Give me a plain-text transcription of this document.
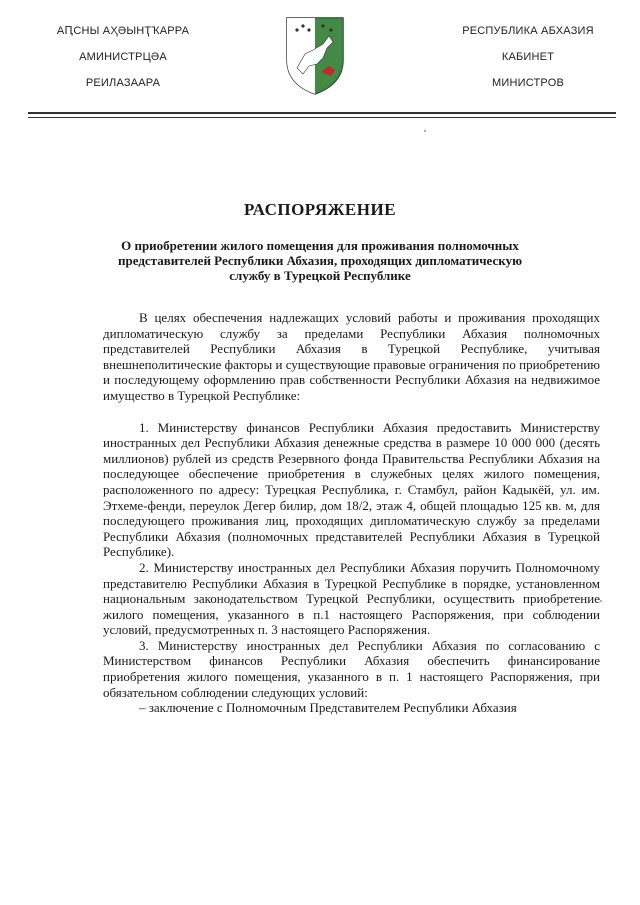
АԤСНЫ АҲӘЫНҬҠАРРА
АМИНИСТРЦӘА
РЕИЛАЗААРА
РЕСПУБЛИКА АБХАЗИЯ
КАБИНЕТ
МИНИСТРОВ
РАСПОРЯЖЕНИЕ

О приобретении жилого помещения для проживания полномочных представителей Республики Абхазия, проходящих дипломатическую службу в Турецкой Республике

В целях обеспечения надлежащих условий работы и проживания проходящих дипломатическую службу за пределами Республики Абхазия полномочных представителей Республики Абхазия в Турецкой Республике, учитывая внешнеполитические факторы и существующие правовые ограничения по приобретению и последующему оформлению прав собственности Республики Абхазия на недвижимое имущество в Турецкой Республике:

1. Министерству финансов Республики Абхазия предоставить Министерству иностранных дел Республики Абхазия денежные средства в размере 10 000 000 (десять миллионов) рублей из средств Резервного фонда Правительства Республики Абхазия на последующее обеспечение приобретения в служебных целях жилого помещения, расположенного по адресу: Турецкая Республика, г. Стамбул, район Кадыкёй, ул. им. Этхеме-фенди, переулок Дегер билир, дом 18/2, этаж 4, общей площадью 125 кв. м, для последующего проживания лиц, проходящих дипломатическую службу за пределами Республики Абхазия (полномочных представителей Республики Абхазия в Турецкой Республике).

2. Министерству иностранных дел Республики Абхазия поручить Полномочному представителю Республики Абхазия в Турецкой Республике в порядке, установленном национальным законодательством Турецкой Республики, осуществить приобретение жилого помещения, указанного в п.1 настоящего Распоряжения, при соблюдении условий, предусмотренных п. 3 настоящего Распоряжения.

3. Министерству иностранных дел Республики Абхазия по согласованию с Министерством финансов Республики Абхазия обеспечить финансирование приобретения жилого помещения, указанного в п. 1 настоящего Распоряжения, при обязательном соблюдении следующих условий:

– заключение с Полномочным Представителем Республики Абхазия
